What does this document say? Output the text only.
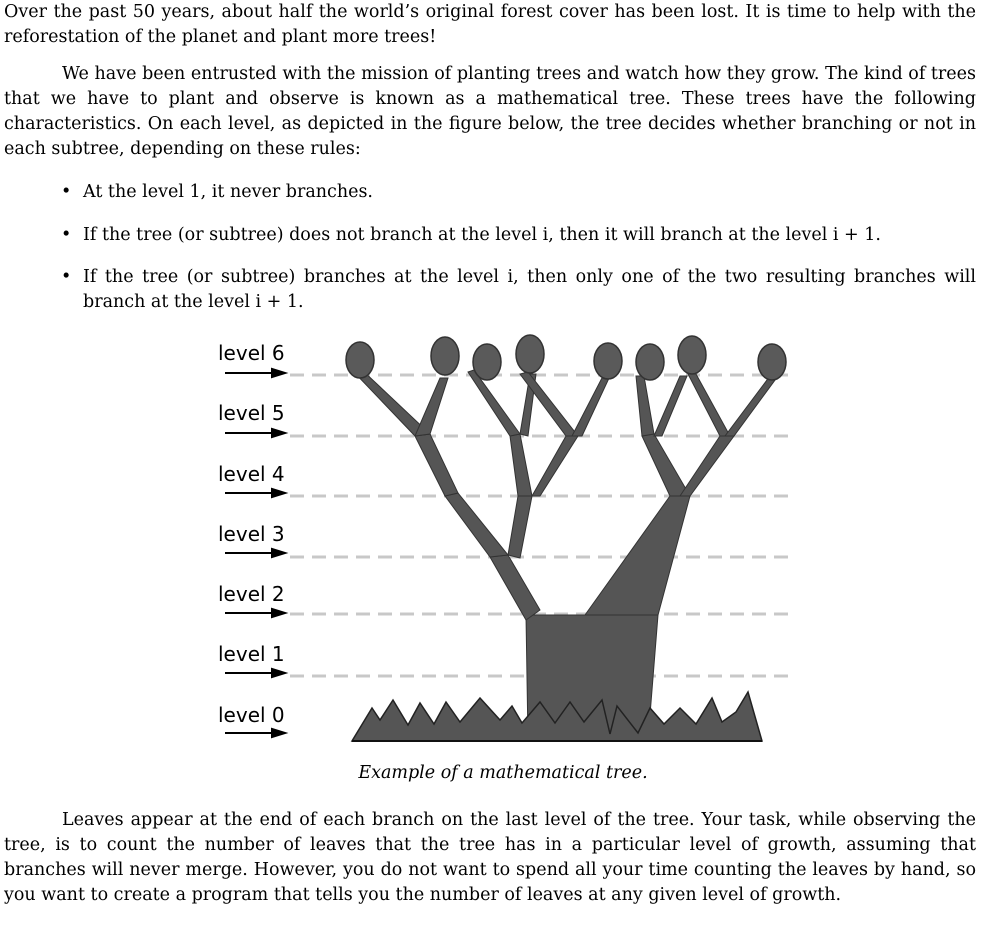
Over the past 50 years, about half the world’s original forest cover has been lost. It is time to help with the reforestation of the planet and plant more trees!

We have been entrusted with the mission of planting trees and watch how they grow. The kind of trees that we have to plant and observe is known as a mathematical tree. These trees have the following characteristics. On each level, as depicted in the figure below, the tree decides whether branching or not in each subtree, depending on these rules:

• At the level 1, it never branches.
• If the tree (or subtree) does not branch at the level i, then it will branch at the level i + 1.
• If the tree (or subtree) branches at the level i, then only one of the two resulting branches will branch at the level i + 1.
level 6
level 5
level 4
level 3
level 2
level 1
level 0
Example of a mathematical tree.

Leaves appear at the end of each branch on the last level of the tree. Your task, while observing the tree, is to count the number of leaves that the tree has in a particular level of growth, assuming that branches will never merge. However, you do not want to spend all your time counting the leaves by hand, so you want to create a program that tells you the number of leaves at any given level of growth.
